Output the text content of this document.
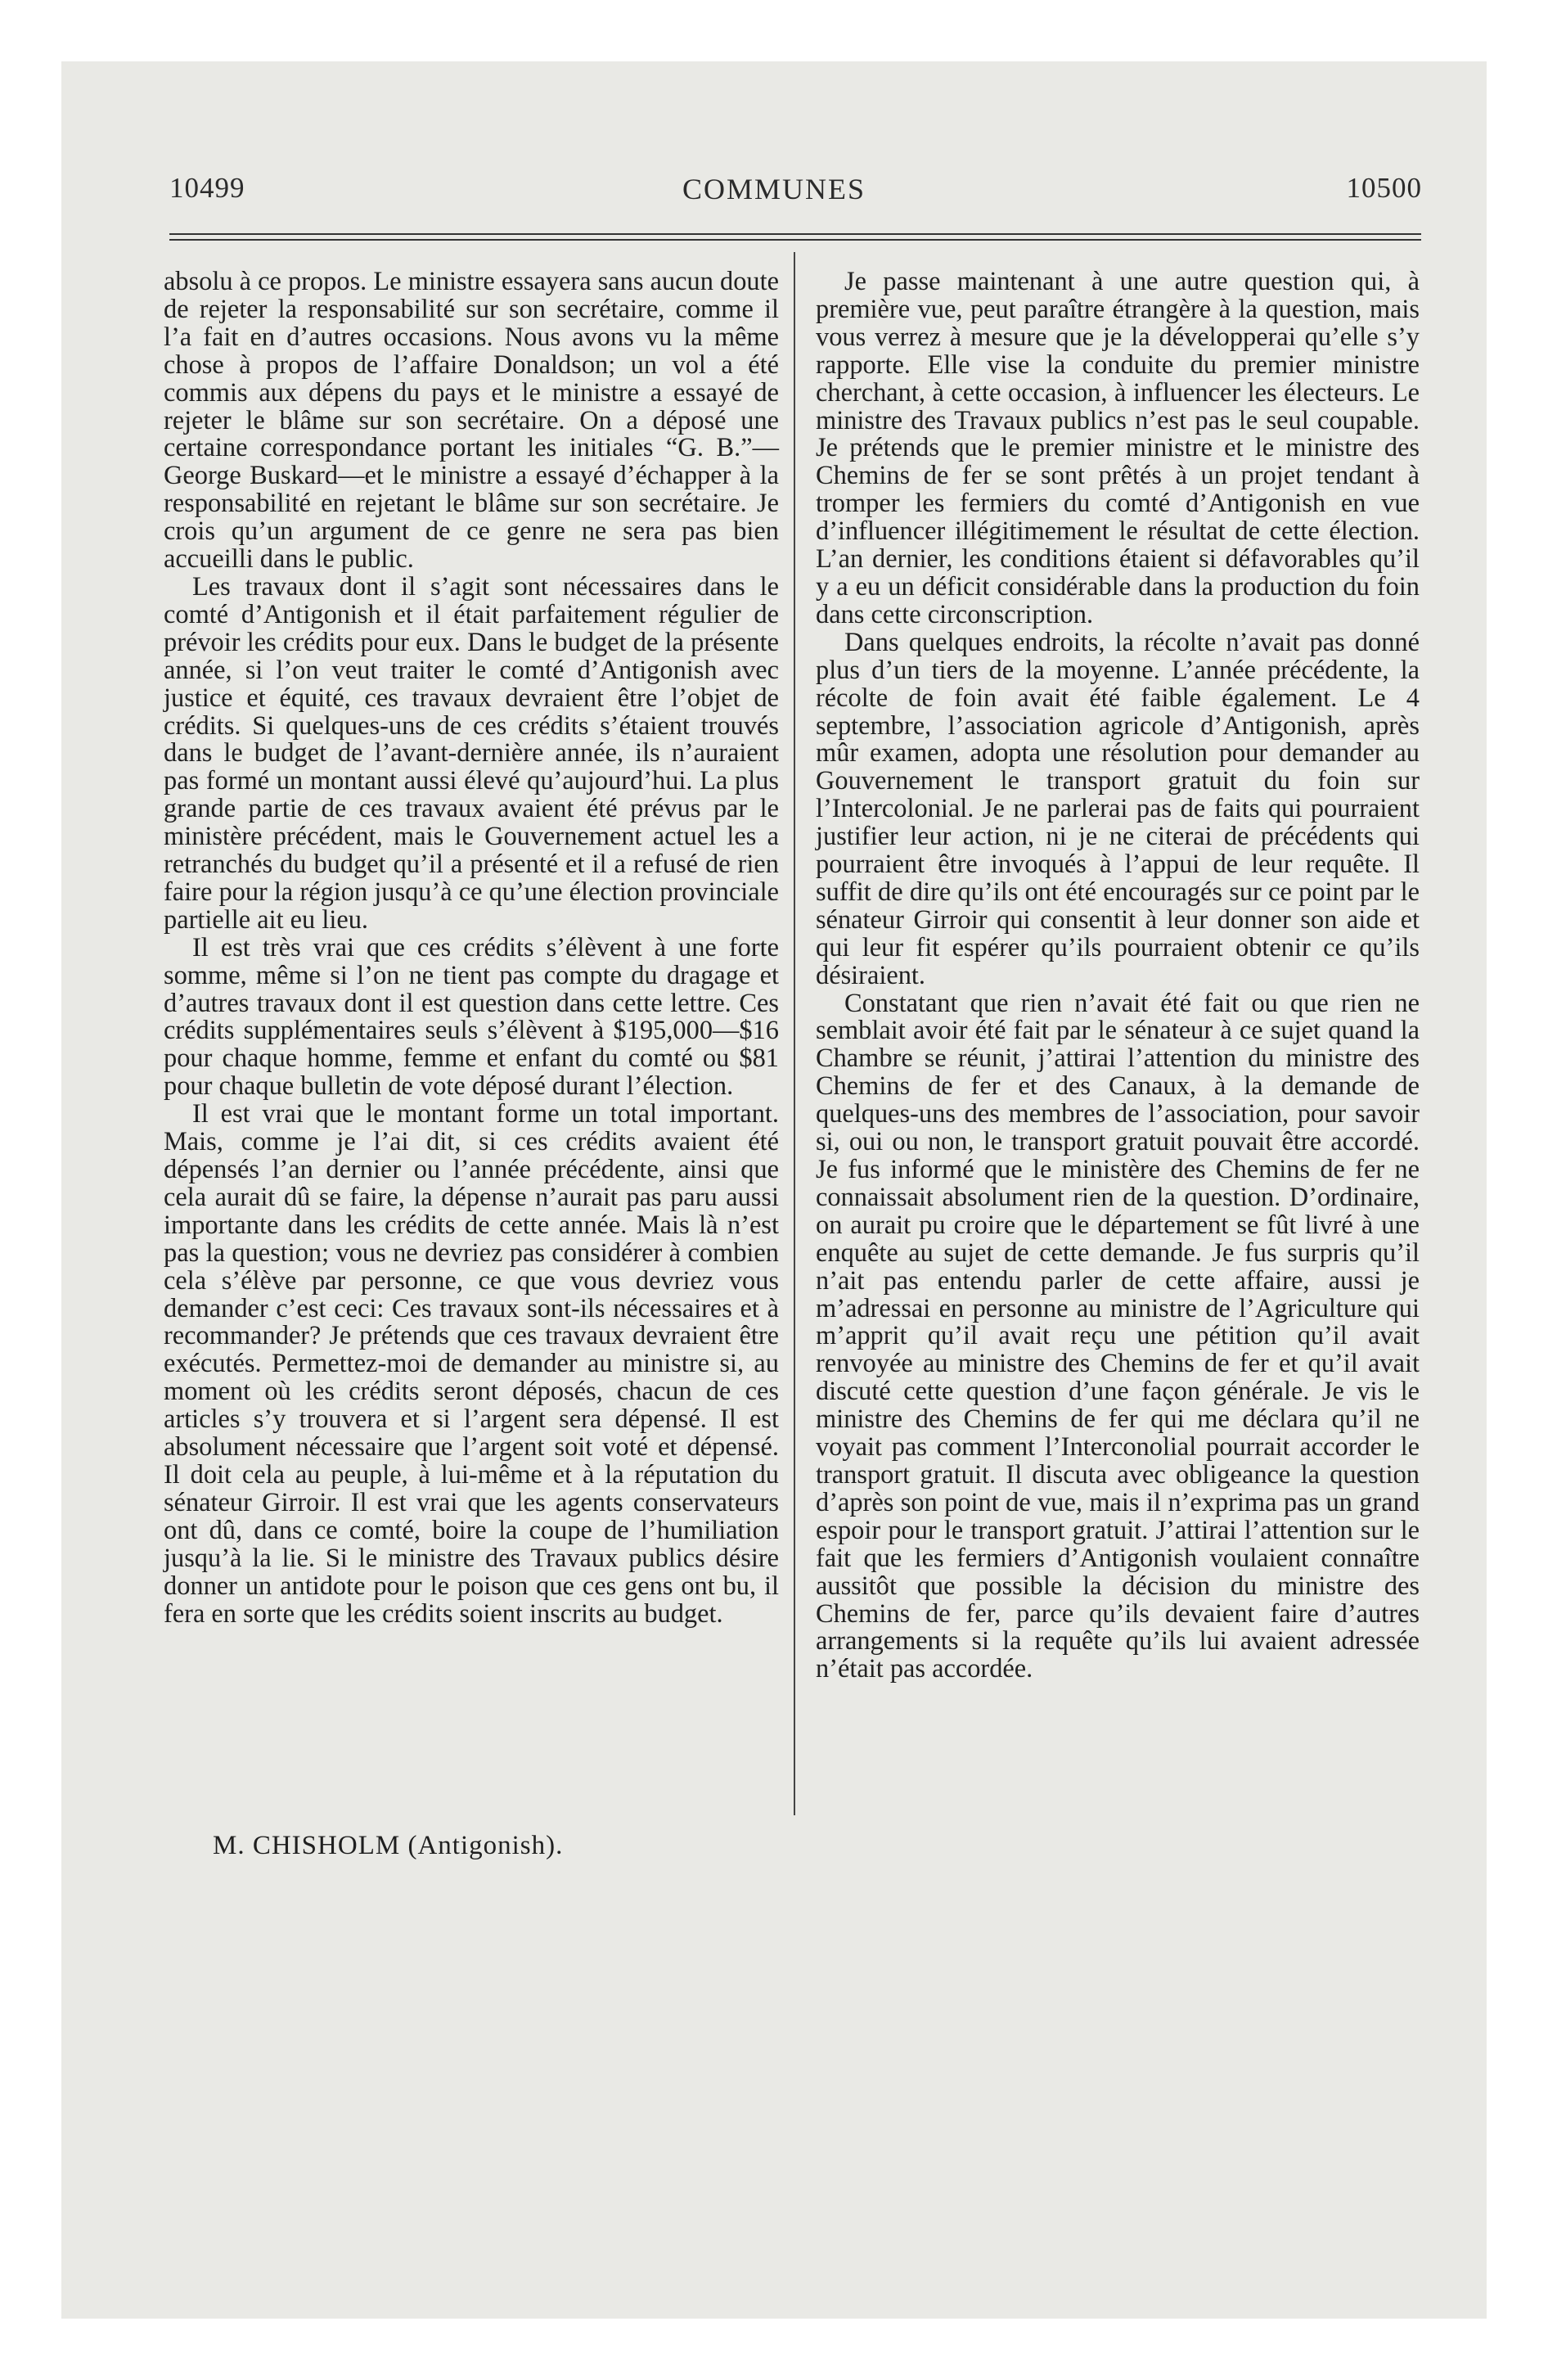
10499	COMMUNES	10500

absolu à ce propos. Le ministre essayera sans aucun doute de rejeter la responsabilité sur son secrétaire, comme il l’a fait en d’autres occasions. Nous avons vu la même chose à propos de l’affaire Donaldson; un vol a été commis aux dépens du pays et le ministre a essayé de rejeter le blâme sur son secrétaire. On a déposé une certaine correspondance portant les initiales “G. B.”—George Buskard—et le ministre a essayé d’échapper à la responsabilité en rejetant le blâme sur son secrétaire. Je crois qu’un argument de ce genre ne sera pas bien accueilli dans le public.

Les travaux dont il s’agit sont nécessaires dans le comté d’Antigonish et il était parfaitement régulier de prévoir les crédits pour eux. Dans le budget de la présente année, si l’on veut traiter le comté d’Antigonish avec justice et équité, ces travaux devraient être l’objet de crédits. Si quelques-uns de ces crédits s’étaient trouvés dans le budget de l’avant-dernière année, ils n’auraient pas formé un montant aussi élevé qu’aujourd’hui. La plus grande partie de ces travaux avaient été prévus par le ministère précédent, mais le Gouvernement actuel les a retranchés du budget qu’il a présenté et il a refusé de rien faire pour la région jusqu’à ce qu’une élection provinciale partielle ait eu lieu.

Il est très vrai que ces crédits s’élèvent à une forte somme, même si l’on ne tient pas compte du dragage et d’autres travaux dont il est question dans cette lettre. Ces crédits supplémentaires seuls s’élèvent à $195,000—$16 pour chaque homme, femme et enfant du comté ou $81 pour chaque bulletin de vote déposé durant l’élection.

Il est vrai que le montant forme un total important. Mais, comme je l’ai dit, si ces crédits avaient été dépensés l’an dernier ou l’année précédente, ainsi que cela aurait dû se faire, la dépense n’aurait pas paru aussi importante dans les crédits de cette année. Mais là n’est pas la question; vous ne devriez pas considérer à combien cela s’élève par personne, ce que vous devriez vous demander c’est ceci: Ces travaux sont-ils nécessaires et à recommander? Je prétends que ces travaux devraient être exécutés. Permettez-moi de demander au ministre si, au moment où les crédits seront déposés, chacun de ces articles s’y trouvera et si l’argent sera dépensé. Il est absolument nécessaire que l’argent soit voté et dépensé. Il doit cela au peuple, à lui-même et à la réputation du sénateur Girroir. Il est vrai que les agents conservateurs ont dû, dans ce comté, boire la coupe de l’humiliation jusqu’à la lie. Si le ministre des Travaux publics désire donner un antidote pour le poison que ces gens ont bu, il fera en sorte que les crédits soient inscrits au budget.

Je passe maintenant à une autre question qui, à première vue, peut paraître étrangère à la question, mais vous verrez à mesure que je la développerai qu’elle s’y rapporte. Elle vise la conduite du premier ministre cherchant, à cette occasion, à influencer les électeurs. Le ministre des Travaux publics n’est pas le seul coupable. Je prétends que le premier ministre et le ministre des Chemins de fer se sont prêtés à un projet tendant à tromper les fermiers du comté d’Antigonish en vue d’influencer illégitimement le résultat de cette élection. L’an dernier, les conditions étaient si défavorables qu’il y a eu un déficit considérable dans la production du foin dans cette circonscription.

Dans quelques endroits, la récolte n’avait pas donné plus d’un tiers de la moyenne. L’année précédente, la récolte de foin avait été faible également. Le 4 septembre, l’association agricole d’Antigonish, après mûr examen, adopta une résolution pour demander au Gouvernement le transport gratuit du foin sur l’Intercolonial. Je ne parlerai pas de faits qui pourraient justifier leur action, ni je ne citerai de précédents qui pourraient être invoqués à l’appui de leur requête. Il suffit de dire qu’ils ont été encouragés sur ce point par le sénateur Girroir qui consentit à leur donner son aide et qui leur fit espérer qu’ils pourraient obtenir ce qu’ils désiraient.

Constatant que rien n’avait été fait ou que rien ne semblait avoir été fait par le sénateur à ce sujet quand la Chambre se réunit, j’attirai l’attention du ministre des Chemins de fer et des Canaux, à la demande de quelques-uns des membres de l’association, pour savoir si, oui ou non, le transport gratuit pouvait être accordé. Je fus informé que le ministère des Chemins de fer ne connaissait absolument rien de la question. D’ordinaire, on aurait pu croire que le département se fût livré à une enquête au sujet de cette demande. Je fus surpris qu’il n’ait pas entendu parler de cette affaire, aussi je m’adressai en personne au ministre de l’Agriculture qui m’apprit qu’il avait reçu une pétition qu’il avait renvoyée au ministre des Chemins de fer et qu’il avait discuté cette question d’une façon générale. Je vis le ministre des Chemins de fer qui me déclara qu’il ne voyait pas comment l’Interconolial pourrait accorder le transport gratuit. Il discuta avec obligeance la question d’après son point de vue, mais il n’exprima pas un grand espoir pour le transport gratuit. J’attirai l’attention sur le fait que les fermiers d’Antigonish voulaient connaître aussitôt que possible la décision du ministre des Chemins de fer, parce qu’ils devaient faire d’autres arrangements si la requête qu’ils lui avaient adressée n’était pas accordée.

M. CHISHOLM (Antigonish).
